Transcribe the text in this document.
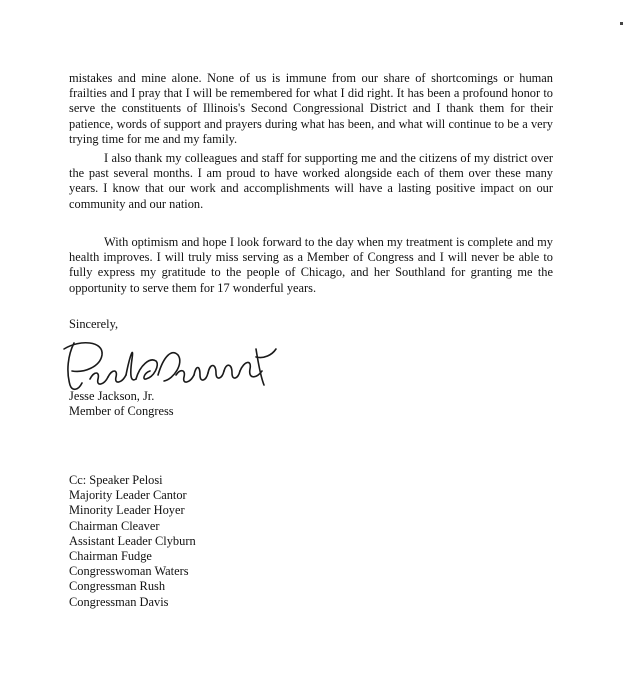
mistakes and mine alone. None of us is immune from our share of shortcomings or human frailties and I pray that I will be remembered for what I did right. It has been a profound honor to serve the constituents of Illinois's Second Congressional District and I thank them for their patience, words of support and prayers during what has been, and what will continue to be a very trying time for me and my family.

I also thank my colleagues and staff for supporting me and the citizens of my district over the past several months. I am proud to have worked alongside each of them over these many years. I know that our work and accomplishments will have a lasting positive impact on our community and our nation.

With optimism and hope I look forward to the day when my treatment is complete and my health improves. I will truly miss serving as a Member of Congress and I will never be able to fully express my gratitude to the people of Chicago, and her Southland for granting me the opportunity to serve them for 17 wonderful years.

Sincerely,
Jesse Jackson, Jr.
Member of Congress
Cc: Speaker Pelosi
Majority Leader Cantor
Minority Leader Hoyer
Chairman Cleaver
Assistant Leader Clyburn
Chairman Fudge
Congresswoman Waters
Congressman Rush
Congressman Davis
